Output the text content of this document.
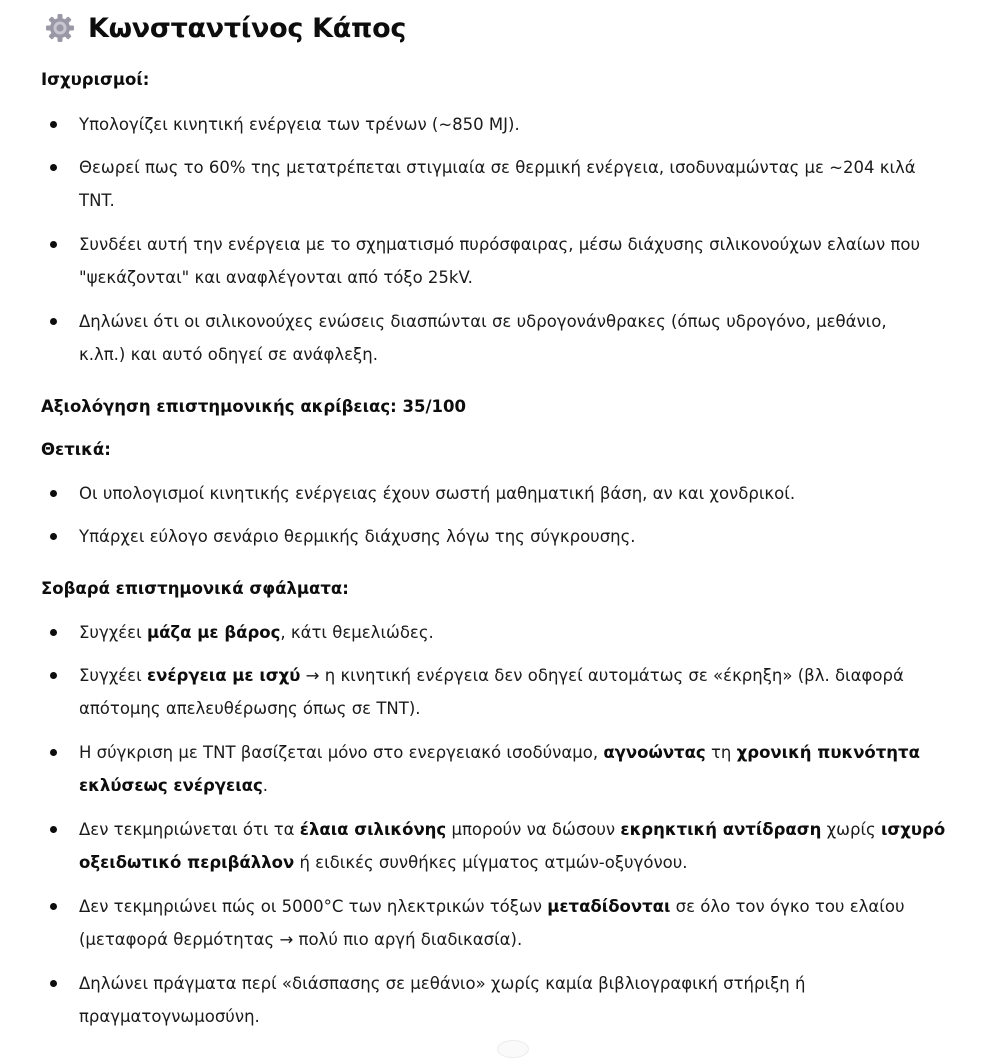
Κωνσταντίνος Κάπος
Ισχυρισμοί:
Υπολογίζει κινητική ενέργεια των τρένων (~850 MJ).
Θεωρεί πως το 60% της μετατρέπεται στιγμιαία σε θερμική ενέργεια, ισοδυναμώντας με ~204 κιλά
TNT.
Συνδέει αυτή την ενέργεια με το σχηματισμό πυρόσφαιρας, μέσω διάχυσης σιλικονούχων ελαίων που
"ψεκάζονται" και αναφλέγονται από τόξο 25kV.
Δηλώνει ότι οι σιλικονούχες ενώσεις διασπώνται σε υδρογονάνθρακες (όπως υδρογόνο, μεθάνιο,
κ.λπ.) και αυτό οδηγεί σε ανάφλεξη.
Αξιολόγηση επιστημονικής ακρίβειας: 35/100
Θετικά:
Οι υπολογισμοί κινητικής ενέργειας έχουν σωστή μαθηματική βάση, αν και χονδρικοί.
Υπάρχει εύλογο σενάριο θερμικής διάχυσης λόγω της σύγκρουσης.
Σοβαρά επιστημονικά σφάλματα:
Συγχέει μάζα με βάρος, κάτι θεμελιώδες.
Συγχέει ενέργεια με ισχύ → η κινητική ενέργεια δεν οδηγεί αυτομάτως σε «έκρηξη» (βλ. διαφορά
απότομης απελευθέρωσης όπως σε TNT).
Η σύγκριση με TNT βασίζεται μόνο στο ενεργειακό ισοδύναμο, αγνοώντας τη χρονική πυκνότητα
εκλύσεως ενέργειας.
Δεν τεκμηριώνεται ότι τα έλαια σιλικόνης μπορούν να δώσουν εκρηκτική αντίδραση χωρίς ισχυρό
οξειδωτικό περιβάλλον ή ειδικές συνθήκες μίγματος ατμών-οξυγόνου.
Δεν τεκμηριώνει πώς οι 5000°C των ηλεκτρικών τόξων μεταδίδονται σε όλο τον όγκο του ελαίου
(μεταφορά θερμότητας → πολύ πιο αργή διαδικασία).
Δηλώνει πράγματα περί «διάσπασης σε μεθάνιο» χωρίς καμία βιβλιογραφική στήριξη ή
πραγματογνωμοσύνη.
